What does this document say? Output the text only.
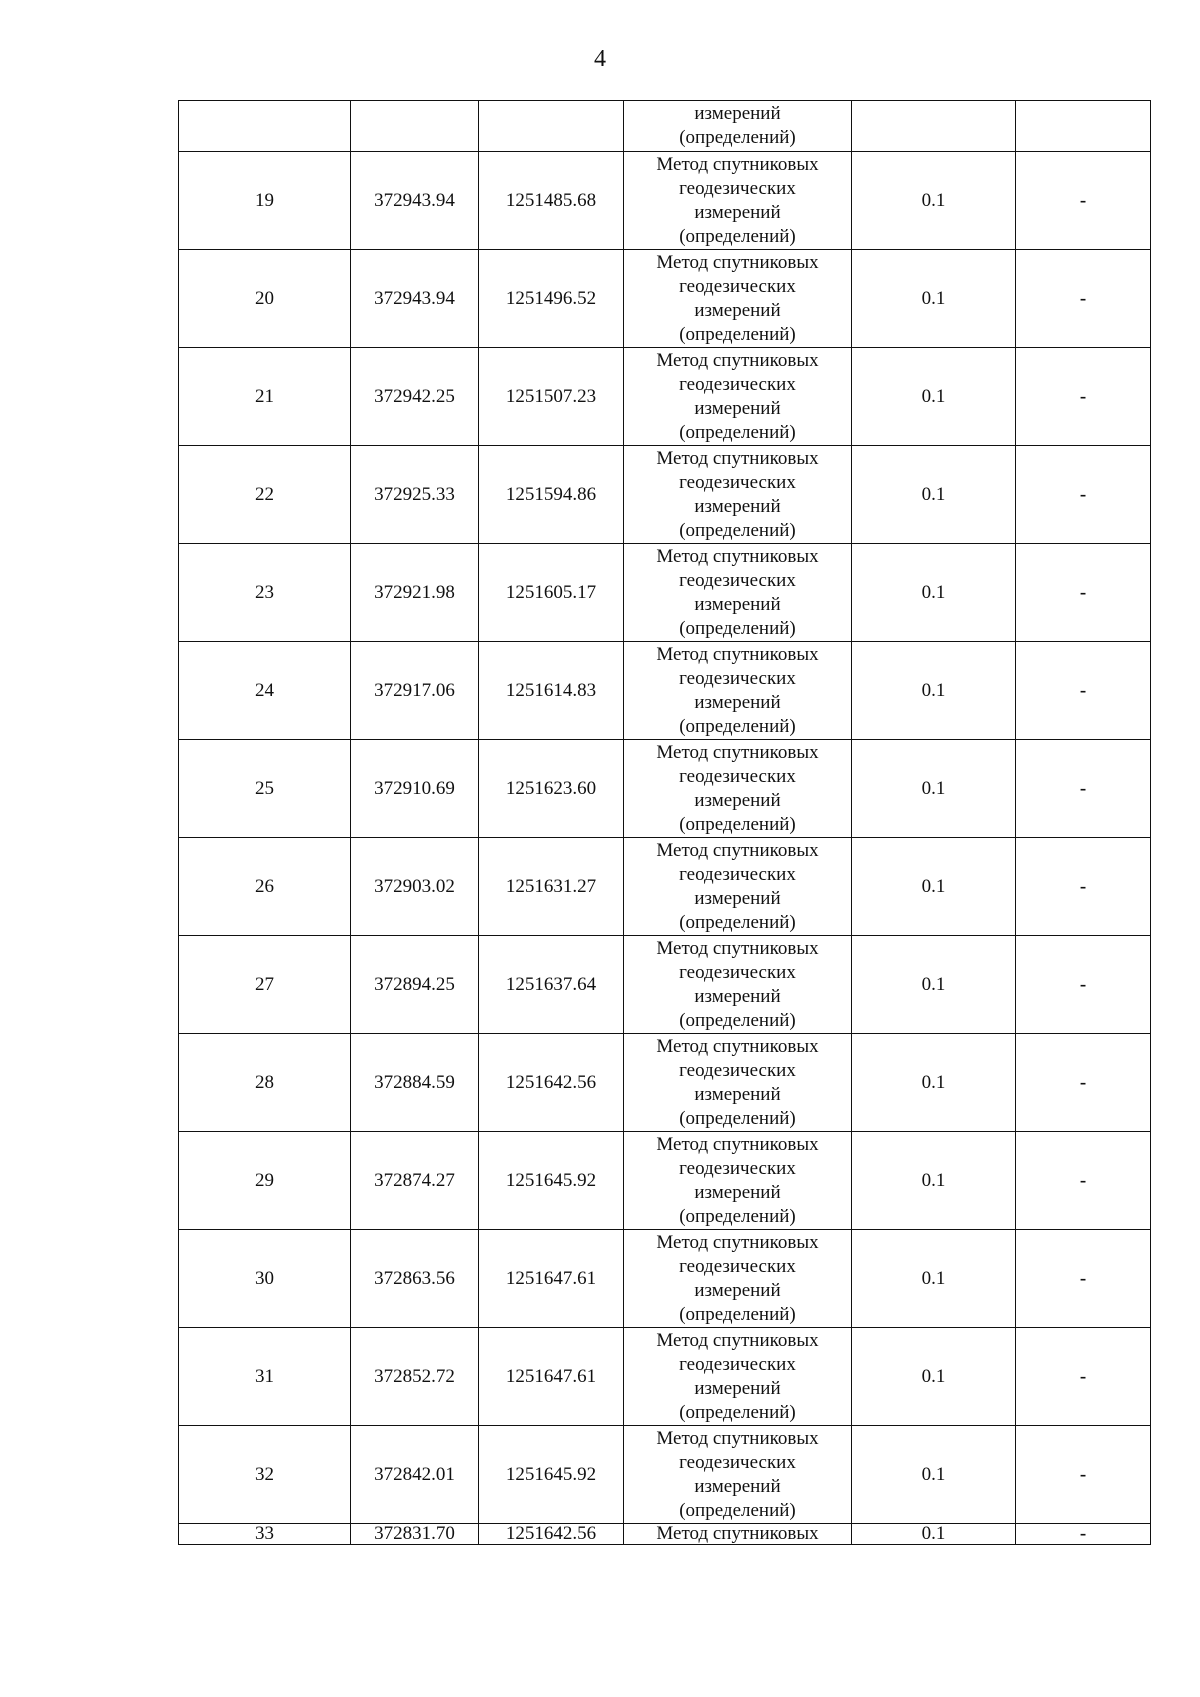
4

			измерений
(определений)		

19	372943.94	1251485.68	Метод спутниковых
геодезических
измерений
(определений)	0.1	-
20	372943.94	1251496.52	Метод спутниковых
геодезических
измерений
(определений)	0.1	-
21	372942.25	1251507.23	Метод спутниковых
геодезических
измерений
(определений)	0.1	-
22	372925.33	1251594.86	Метод спутниковых
геодезических
измерений
(определений)	0.1	-
23	372921.98	1251605.17	Метод спутниковых
геодезических
измерений
(определений)	0.1	-
24	372917.06	1251614.83	Метод спутниковых
геодезических
измерений
(определений)	0.1	-
25	372910.69	1251623.60	Метод спутниковых
геодезических
измерений
(определений)	0.1	-
26	372903.02	1251631.27	Метод спутниковых
геодезических
измерений
(определений)	0.1	-
27	372894.25	1251637.64	Метод спутниковых
геодезических
измерений
(определений)	0.1	-
28	372884.59	1251642.56	Метод спутниковых
геодезических
измерений
(определений)	0.1	-
29	372874.27	1251645.92	Метод спутниковых
геодезических
измерений
(определений)	0.1	-
30	372863.56	1251647.61	Метод спутниковых
геодезических
измерений
(определений)	0.1	-
31	372852.72	1251647.61	Метод спутниковых
геодезических
измерений
(определений)	0.1	-
32	372842.01	1251645.92	Метод спутниковых
геодезических
измерений
(определений)	0.1	-
33	372831.70	1251642.56	Метод спутниковых	0.1	-
